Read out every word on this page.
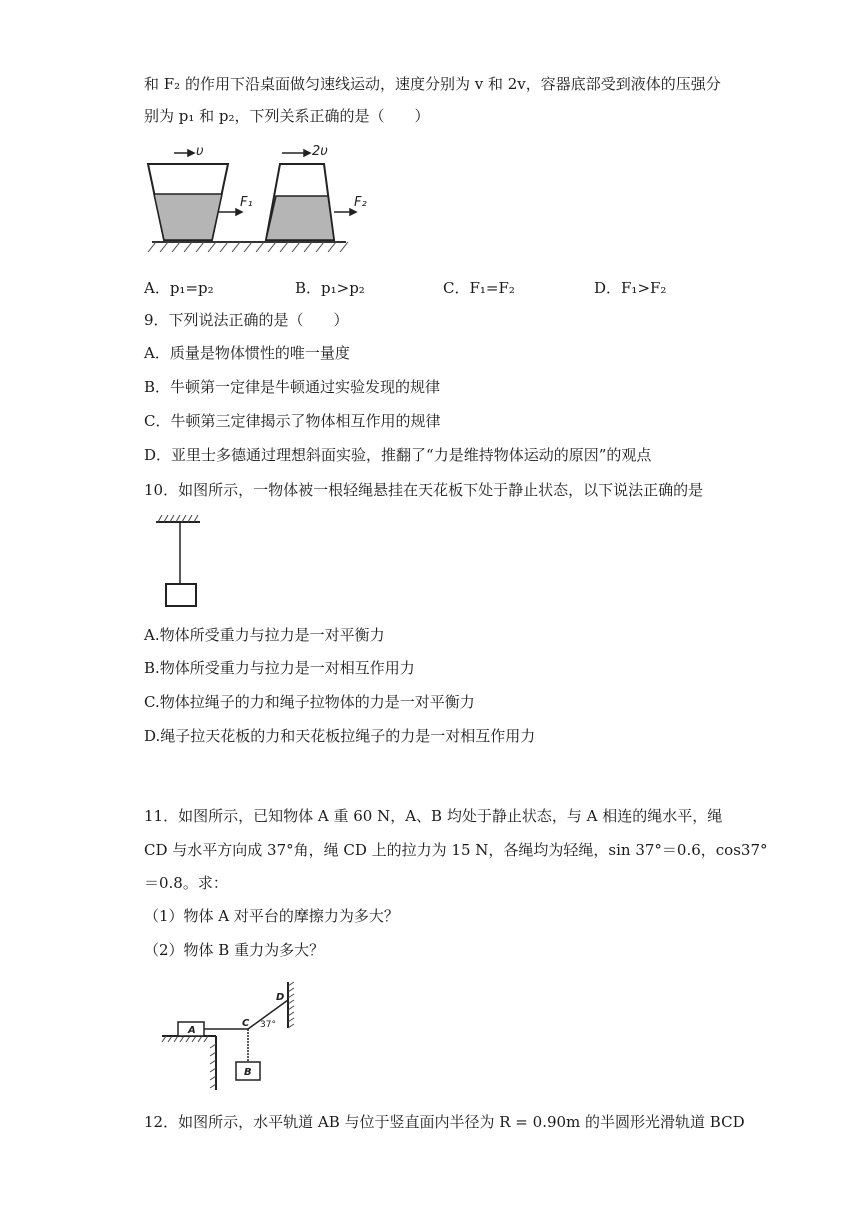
和 F₂ 的作用下沿桌面做匀速线运动，速度分别为 v 和 2v，容器底部受到液体的压强分
别为 p₁ 和 p₂，下列关系正确的是（　　）
υ	2υ
F₁	F₂
A．p₁=p₂	B．p₁>p₂	C．F₁=F₂	D．F₁>F₂
9．下列说法正确的是（　　）
A．质量是物体惯性的唯一量度
B．牛顿第一定律是牛顿通过实验发现的规律
C．牛顿第三定律揭示了物体相互作用的规律
D．亚里士多德通过理想斜面实验，推翻了“力是维持物体运动的原因”的观点
10．如图所示，一物体被一根轻绳悬挂在天花板下处于静止状态，以下说法正确的是
A.物体所受重力与拉力是一对平衡力
B.物体所受重力与拉力是一对相互作用力
C.物体拉绳子的力和绳子拉物体的力是一对平衡力
D.绳子拉天花板的力和天花板拉绳子的力是一对相互作用力
11．如图所示，已知物体 A 重 60 N，A、B 均处于静止状态，与 A 相连的绳水平，绳
CD 与水平方向成 37°角，绳 CD 上的拉力为 15 N，各绳均为轻绳，sin 37°＝0.6，cos37°
＝0.8。求：
（1）物体 A 对平台的摩擦力为多大？
（2）物体 B 重力为多大？
A
B
C
D
37°
12．如图所示，水平轨道 AB 与位于竖直面内半径为 R = 0.90m 的半圆形光滑轨道 BCD
